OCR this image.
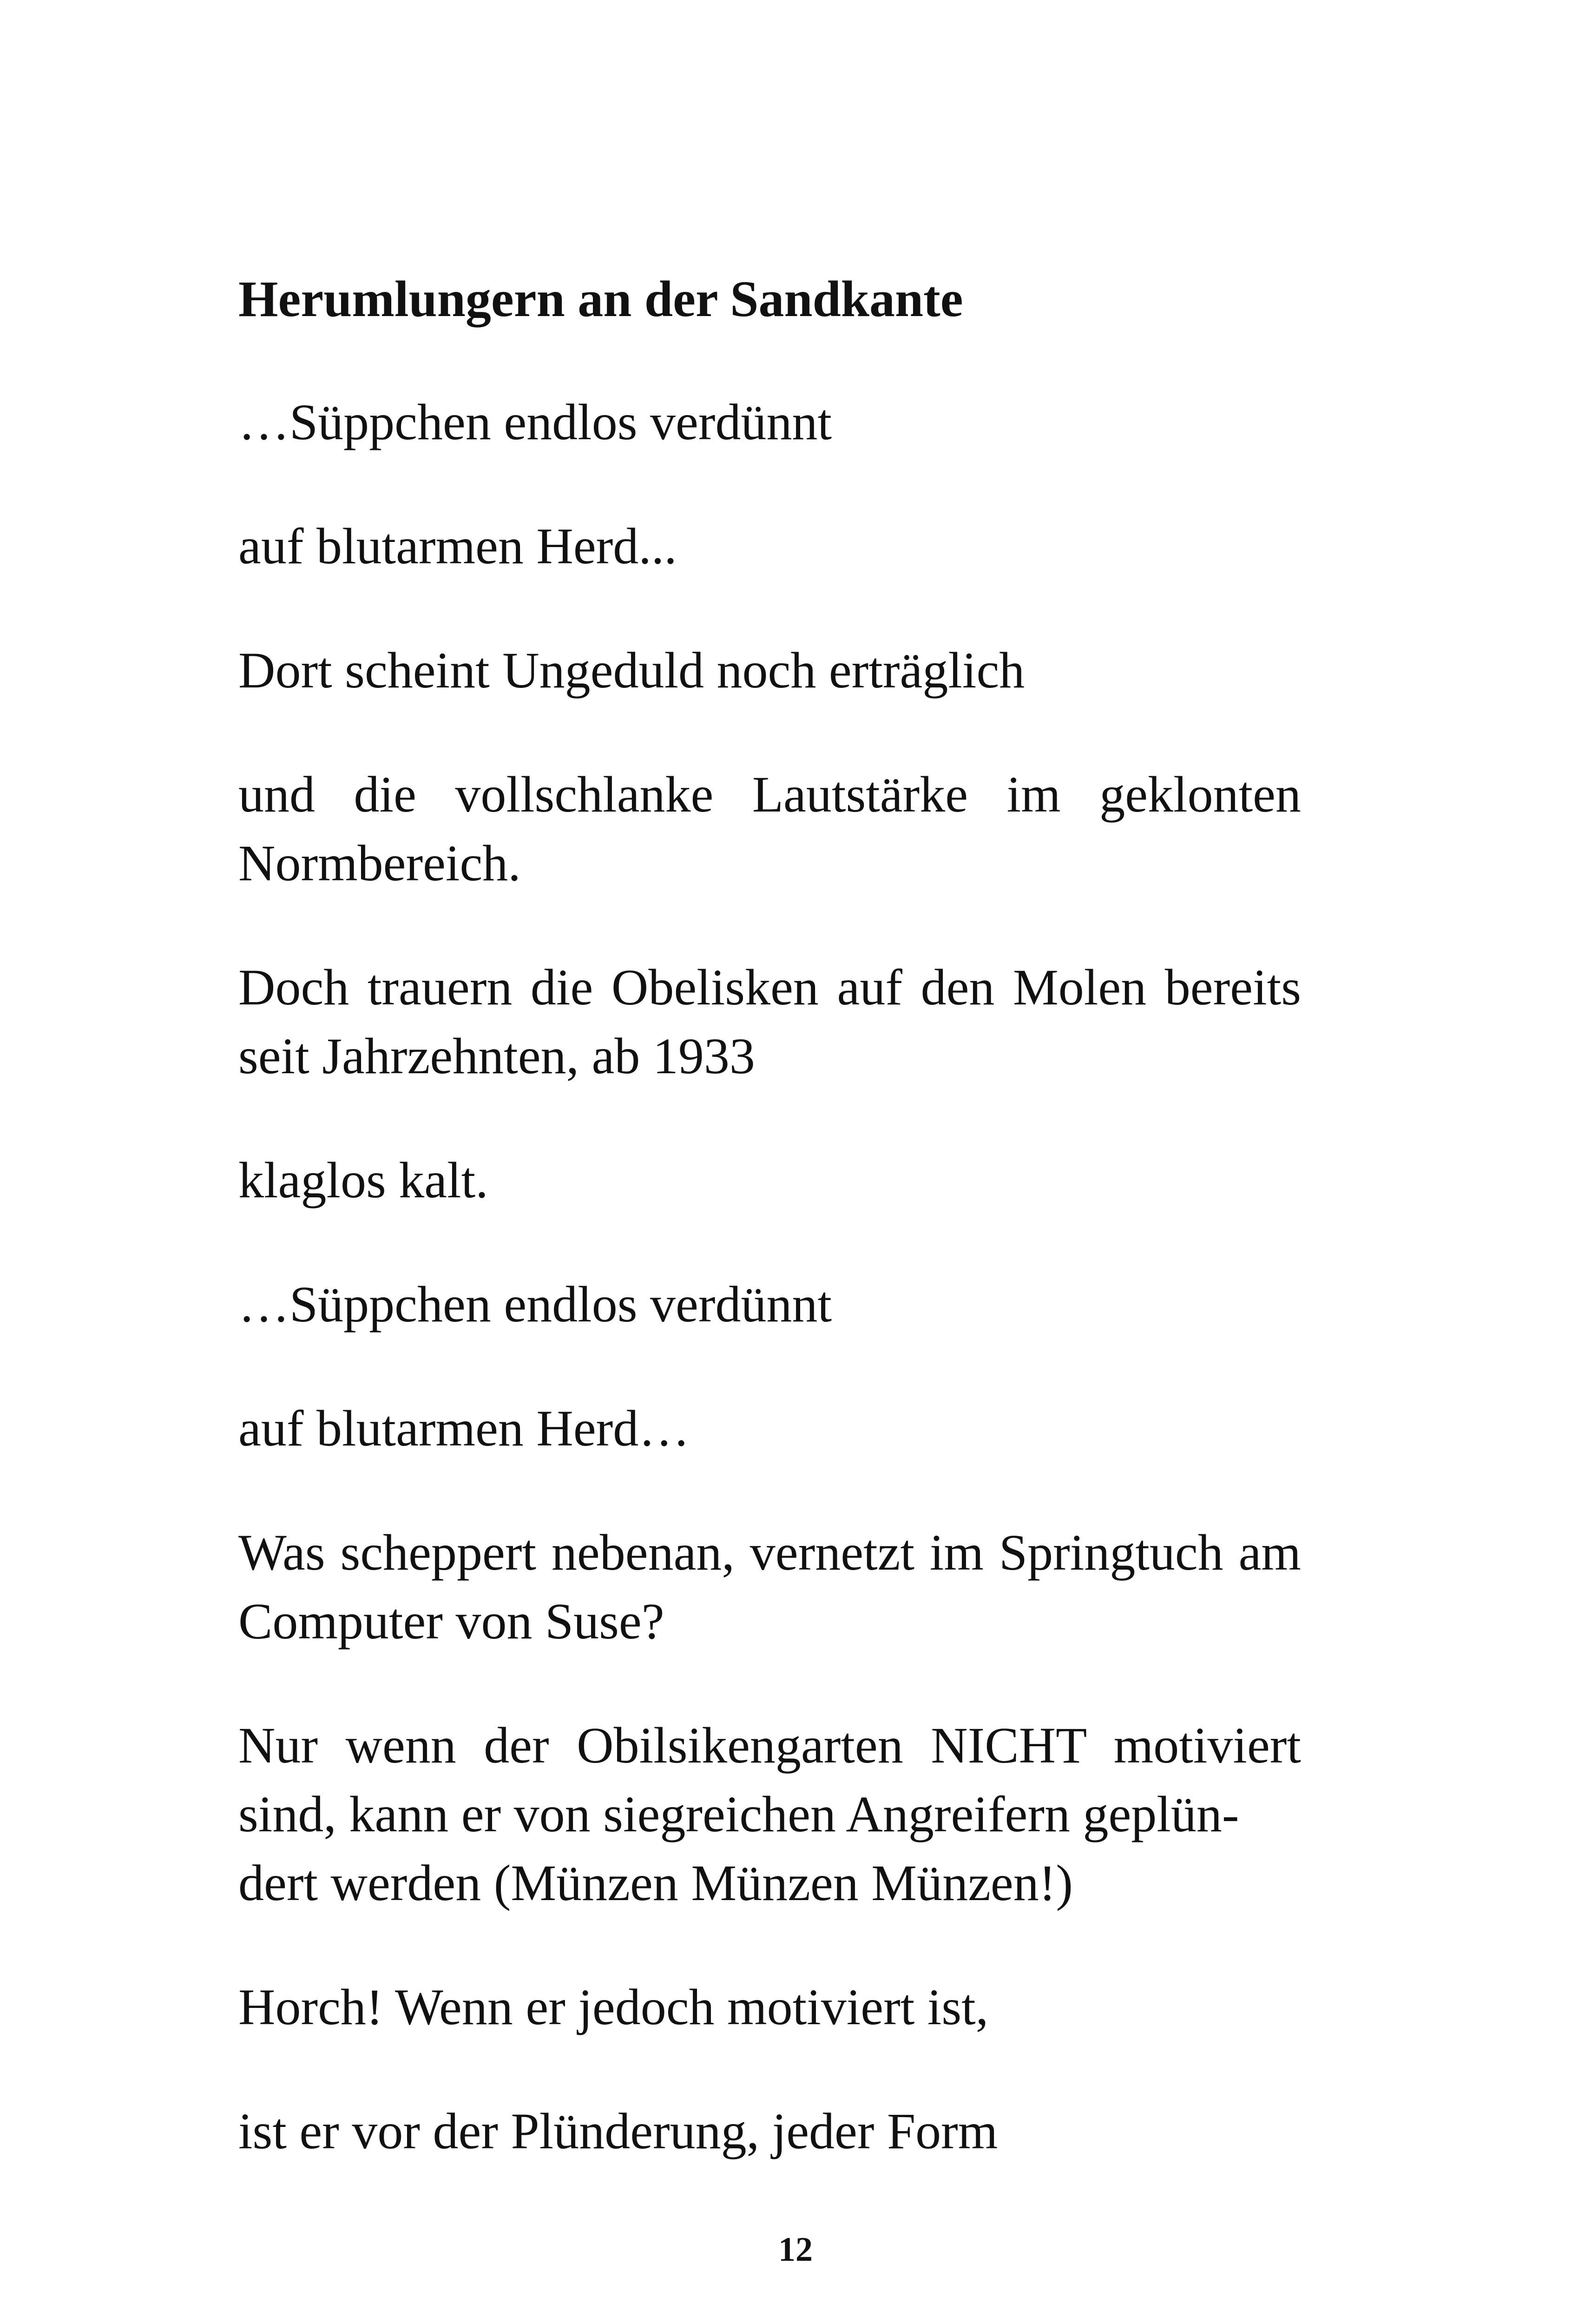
Herumlungern an der Sandkante

…Süppchen endlos verdünnt

auf blutarmen Herd...

Dort scheint Ungeduld noch erträglich

und die vollschlanke Lautstärke im geklonten Normbereich.

Doch trauern die Obelisken auf den Molen bereits seit Jahrzehnten, ab 1933

klaglos kalt.

…Süppchen endlos verdünnt

auf blutarmen Herd…

Was scheppert nebenan, vernetzt im Springtuch am Computer von Suse?

Nur wenn der Obilsikengarten NICHT motiviert sind, kann er von siegreichen Angreifern geplün-
dert werden (Münzen Münzen Münzen!)

Horch! Wenn er jedoch motiviert ist,

ist er vor der Plünderung, jeder Form

12
